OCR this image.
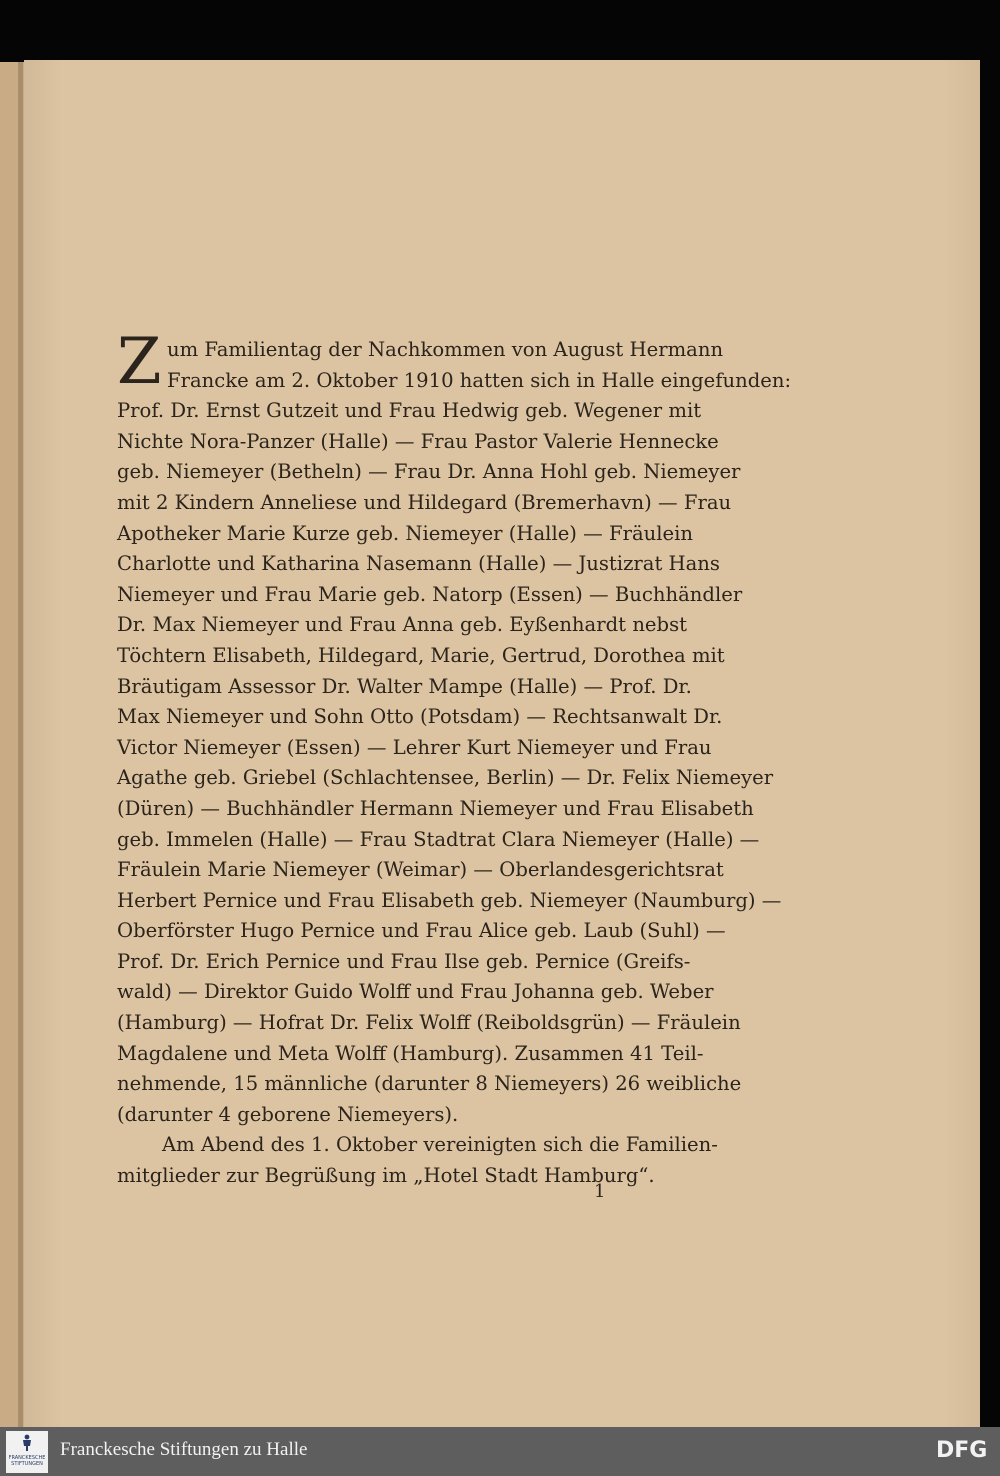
Z um Familientag der Nachkommen von August Hermann
Francke am 2. Oktober 1910 hatten sich in Halle eingefunden:
Prof. Dr. Ernst Gutzeit und Frau Hedwig geb. Wegener mit
Nichte Nora-Panzer (Halle) — Frau Pastor Valerie Hennecke
geb. Niemeyer (Betheln) — Frau Dr. Anna Hohl geb. Niemeyer
mit 2 Kindern Anneliese und Hildegard (Bremerhavn) — Frau
Apotheker Marie Kurze geb. Niemeyer (Halle) — Fräulein
Charlotte und Katharina Nasemann (Halle) — Justizrat Hans
Niemeyer und Frau Marie geb. Natorp (Essen) — Buchhändler
Dr. Max Niemeyer und Frau Anna geb. Eyßenhardt nebst
Töchtern Elisabeth, Hildegard, Marie, Gertrud, Dorothea mit
Bräutigam Assessor Dr. Walter Mampe (Halle) — Prof. Dr.
Max Niemeyer und Sohn Otto (Potsdam) — Rechtsanwalt Dr.
Victor Niemeyer (Essen) — Lehrer Kurt Niemeyer und Frau
Agathe geb. Griebel (Schlachtensee, Berlin) — Dr. Felix Niemeyer
(Düren) — Buchhändler Hermann Niemeyer und Frau Elisabeth
geb. Immelen (Halle) — Frau Stadtrat Clara Niemeyer (Halle) —
Fräulein Marie Niemeyer (Weimar) — Oberlandesgerichtsrat
Herbert Pernice und Frau Elisabeth geb. Niemeyer (Naumburg) —
Oberförster Hugo Pernice und Frau Alice geb. Laub (Suhl) —
Prof. Dr. Erich Pernice und Frau Ilse geb. Pernice (Greifs-
wald) — Direktor Guido Wolff und Frau Johanna geb. Weber
(Hamburg) — Hofrat Dr. Felix Wolff (Reiboldsgrün) — Fräulein
Magdalene und Meta Wolff (Hamburg). Zusammen 41 Teil-
nehmende, 15 männliche (darunter 8 Niemeyers) 26 weibliche
(darunter 4 geborene Niemeyers).
Am Abend des 1. Oktober vereinigten sich die Familien-
mitglieder zur Begrüßung im „Hotel Stadt Hamburg“.
1
FRANCKESCHE STIFTUNGEN
Franckesche Stiftungen zu Halle	DFG
